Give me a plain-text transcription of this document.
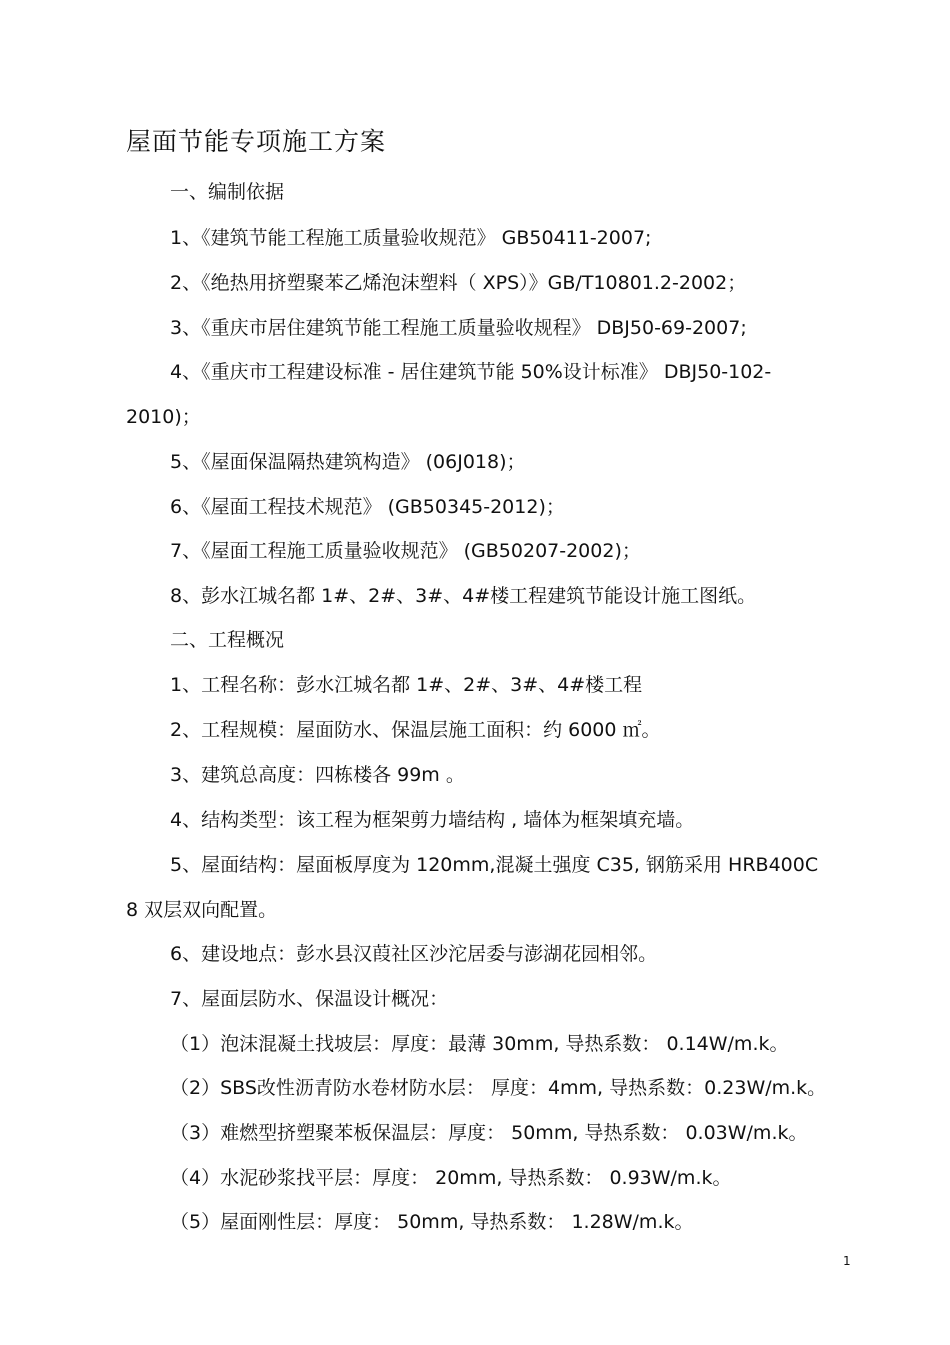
屋面节能专项施工方案
一、编制依据
1、《建筑节能工程施工质量验收规范》 GB50411-2007;
2、《绝热用挤塑聚苯乙烯泡沫塑料（ XPS）》GB/T10801.2-2002；
3、《重庆市居住建筑节能工程施工质量验收规程》 DBJ50-69-2007;
4、《重庆市工程建设标准 - 居住建筑节能 50%设计标准》 DBJ50-102-
2010)；
5、《屋面保温隔热建筑构造》 (06J018)；
6、《屋面工程技术规范》 (GB50345-2012)；
7、《屋面工程施工质量验收规范》 (GB50207-2002)；
8、彭水江城名都 1#、2#、3#、4#楼工程建筑节能设计施工图纸。
二、工程概况
1、工程名称：彭水江城名都 1#、2#、3#、4#楼工程
2、工程规模：屋面防水、保温层施工面积：约 6000 ㎡。
3、建筑总高度：四栋楼各 99m 。
4、结构类型：该工程为框架剪力墙结构 , 墙体为框架填充墙。
5、屋面结构：屋面板厚度为 120mm,混凝土强度 C35, 钢筋采用 HRB400C
8 双层双向配置。
6、建设地点：彭水县汉葭社区沙沱居委与澎湖花园相邻。
7、屋面层防水、保温设计概况：
（1）泡沫混凝土找坡层：厚度：最薄 30mm, 导热系数： 0.14W/m.k。
（2）SBS改性沥青防水卷材防水层： 厚度：4mm, 导热系数：0.23W/m.k。
（3）难燃型挤塑聚苯板保温层：厚度： 50mm, 导热系数： 0.03W/m.k。
（4）水泥砂浆找平层：厚度： 20mm, 导热系数： 0.93W/m.k。
（5）屋面刚性层：厚度： 50mm, 导热系数： 1.28W/m.k。
1
